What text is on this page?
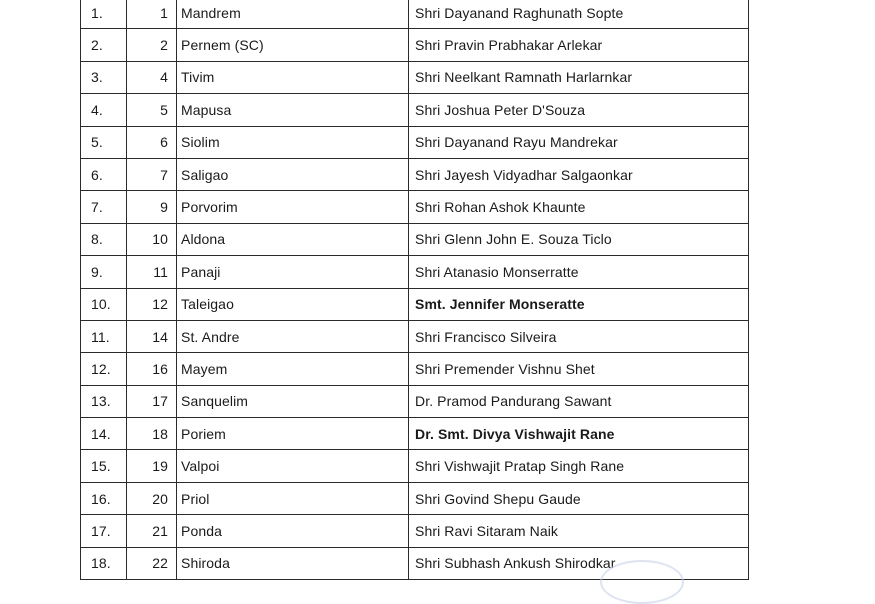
1.	1	Mandrem	Shri Dayanand Raghunath Sopte
2.	2	Pernem (SC)	Shri Pravin Prabhakar Arlekar
3.	4	Tivim	Shri Neelkant Ramnath Harlarnkar
4.	5	Mapusa	Shri Joshua Peter D'Souza
5.	6	Siolim	Shri Dayanand Rayu Mandrekar
6.	7	Saligao	Shri Jayesh Vidyadhar Salgaonkar
7.	9	Porvorim	Shri Rohan Ashok Khaunte
8.	10	Aldona	Shri Glenn John E. Souza Ticlo
9.	11	Panaji	Shri Atanasio Monserratte
10.	12	Taleigao	Smt. Jennifer Monseratte
11.	14	St. Andre	Shri Francisco Silveira
12.	16	Mayem	Shri Premender Vishnu Shet
13.	17	Sanquelim	Dr. Pramod Pandurang Sawant
14.	18	Poriem	Dr. Smt. Divya Vishwajit Rane
15.	19	Valpoi	Shri Vishwajit Pratap Singh Rane
16.	20	Priol	Shri Govind Shepu Gaude
17.	21	Ponda	Shri Ravi Sitaram Naik
18.	22	Shiroda	Shri Subhash Ankush Shirodkar
